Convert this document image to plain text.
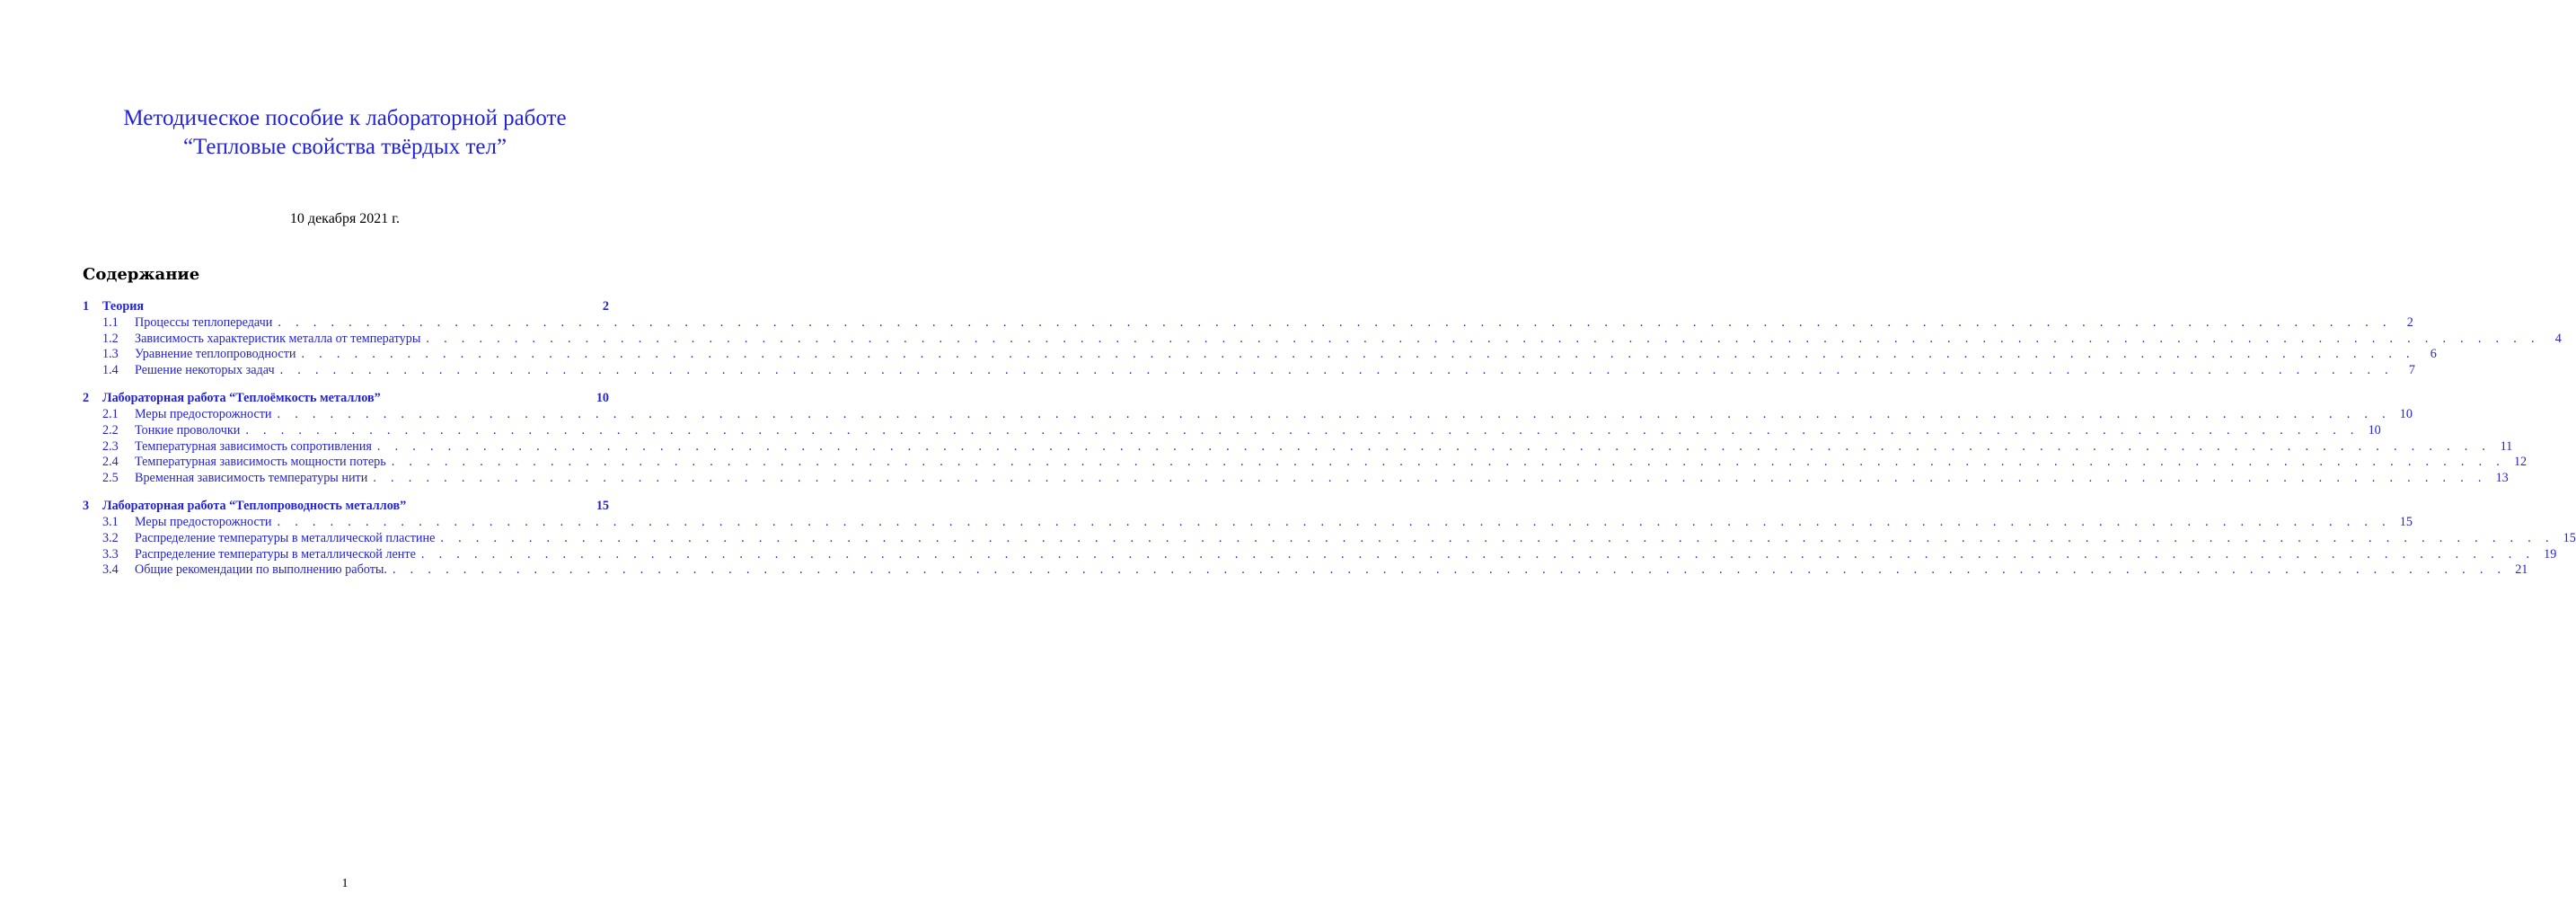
Методическое пособие к лабораторной работе
“Тепловые свойства твёрдых тел”
10 декабря 2021 г.
Содержание
1	Теория	2
1.1	Процессы теплопередачи . . . . . . . . . . . . . . . . . . . . . . . . . . . . . . . . . . . . . . . . . . . . . . . . . . . . . . . . . . . . . . . . . . . . . . . . . . . . . . . . . . . . . . . . . . . . . . . . . . . . . . . . . . . . . . . . . . . . . . . .	2
1.2	Зависимость характеристик металла от температуры . . . . . . . . . . . . . . . . . . . . . . . . . . . . . . . . . . . . . . . . . . . . . . . . . . . . . . . . . . . . . . . . . . . . . . . . . . . . . . . . . . . . . . . . . . . . . . . . . . . . . . . . . . . . . . . . . . . . . . . .	4
1.3	Уравнение теплопроводности . . . . . . . . . . . . . . . . . . . . . . . . . . . . . . . . . . . . . . . . . . . . . . . . . . . . . . . . . . . . . . . . . . . . . . . . . . . . . . . . . . . . . . . . . . . . . . . . . . . . . . . . . . . . . . . . . . . . . . . .	6
1.4	Решение некоторых задач . . . . . . . . . . . . . . . . . . . . . . . . . . . . . . . . . . . . . . . . . . . . . . . . . . . . . . . . . . . . . . . . . . . . . . . . . . . . . . . . . . . . . . . . . . . . . . . . . . . . . . . . . . . . . . . . . . . . . . . .	7
2	Лабораторная работа “Теплоёмкость металлов”	10
2.1	Меры предосторожности . . . . . . . . . . . . . . . . . . . . . . . . . . . . . . . . . . . . . . . . . . . . . . . . . . . . . . . . . . . . . . . . . . . . . . . . . . . . . . . . . . . . . . . . . . . . . . . . . . . . . . . . . . . . . . . . . . . . . . . . 10
2.2	Тонкие проволочки . . . . . . . . . . . . . . . . . . . . . . . . . . . . . . . . . . . . . . . . . . . . . . . . . . . . . . . . . . . . . . . . . . . . . . . . . . . . . . . . . . . . . . . . . . . . . . . . . . . . . . . . . . . . . . . . . . . . . . . . 10
2.3	Температурная зависимость сопротивления . . . . . . . . . . . . . . . . . . . . . . . . . . . . . . . . . . . . . . . . . . . . . . . . . . . . . . . . . . . . . . . . . . . . . . . . . . . . . . . . . . . . . . . . . . . . . . . . . . . . . . . . . . . . . . . . . . . . . . . . 11
2.4	Температурная зависимость мощности потерь . . . . . . . . . . . . . . . . . . . . . . . . . . . . . . . . . . . . . . . . . . . . . . . . . . . . . . . . . . . . . . . . . . . . . . . . . . . . . . . . . . . . . . . . . . . . . . . . . . . . . . . . . . . . . . . . . . . . . . . . 12
2.5	Временная зависимость температуры нити . . . . . . . . . . . . . . . . . . . . . . . . . . . . . . . . . . . . . . . . . . . . . . . . . . . . . . . . . . . . . . . . . . . . . . . . . . . . . . . . . . . . . . . . . . . . . . . . . . . . . . . . . . . . . . . . . . . . . . . . 13
3	Лабораторная работа “Теплопроводность металлов”	15
3.1	Меры предосторожности . . . . . . . . . . . . . . . . . . . . . . . . . . . . . . . . . . . . . . . . . . . . . . . . . . . . . . . . . . . . . . . . . . . . . . . . . . . . . . . . . . . . . . . . . . . . . . . . . . . . . . . . . . . . . . . . . . . . . . . . 15
3.2	Распределение температуры в металлической пластине . . . . . . . . . . . . . . . . . . . . . . . . . . . . . . . . . . . . . . . . . . . . . . . . . . . . . . . . . . . . . . . . . . . . . . . . . . . . . . . . . . . . . . . . . . . . . . . . . . . . . . . . . . . . . . . . . . . . . . . . 15
3.3	Распределение температуры в металлической ленте . . . . . . . . . . . . . . . . . . . . . . . . . . . . . . . . . . . . . . . . . . . . . . . . . . . . . . . . . . . . . . . . . . . . . . . . . . . . . . . . . . . . . . . . . . . . . . . . . . . . . . . . . . . . . . . . . . . . . . . . 19
3.4	Общие рекомендации по выполнению работы. . . . . . . . . . . . . . . . . . . . . . . . . . . . . . . . . . . . . . . . . . . . . . . . . . . . . . . . . . . . . . . . . . . . . . . . . . . . . . . . . . . . . . . . . . . . . . . . . . . . . . . . . . . . . . . . . . . . . . . . . 21
1
